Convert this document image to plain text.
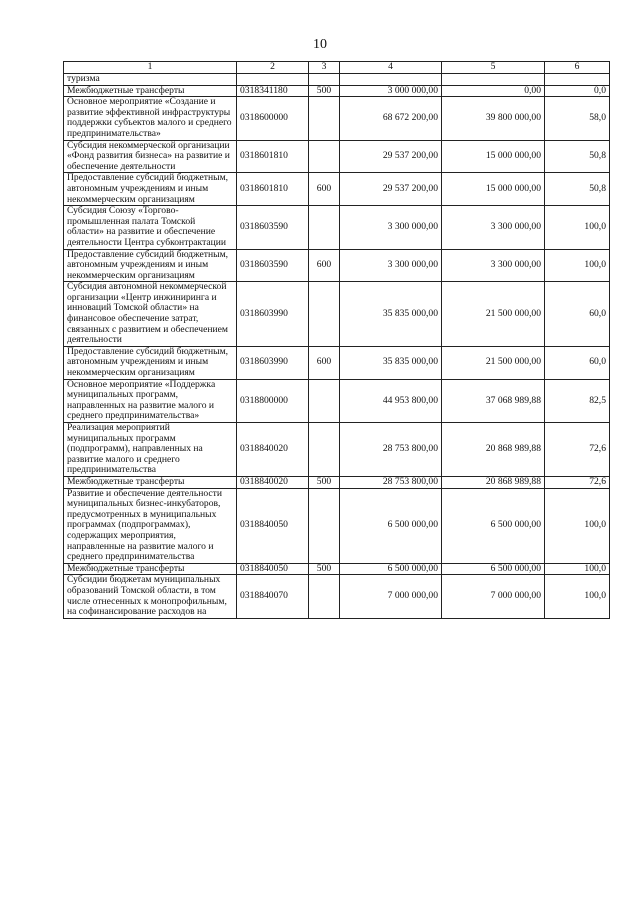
10
1	2	3	4	5	6
туризма					
Межбюджетные трансферты	0318341180	500	3 000 000,00	0,00	0,0
Основное мероприятие «Создание и развитие эффективной инфраструктуры поддержки субъектов малого и среднего предпринимательства»	0318600000		68 672 200,00	39 800 000,00	58,0
Субсидия некоммерческой организации «Фонд развития бизнеса» на развитие и обеспечение деятельности	0318601810		29 537 200,00	15 000 000,00	50,8
Предоставление субсидий бюджетным, автономным учреждениям и иным некоммерческим организациям	0318601810	600	29 537 200,00	15 000 000,00	50,8
Субсидия Союзу «Торгово-промышленная палата Томской области» на развитие и обеспечение деятельности Центра субконтрактации	0318603590		3 300 000,00	3 300 000,00	100,0
Предоставление субсидий бюджетным, автономным учреждениям и иным некоммерческим организациям	0318603590	600	3 300 000,00	3 300 000,00	100,0
Субсидия автономной некоммерческой организации «Центр инжиниринга и инноваций Томской области» на финансовое обеспечение затрат, связанных с развитием и обеспечением деятельности	0318603990		35 835 000,00	21 500 000,00	60,0
Предоставление субсидий бюджетным, автономным учреждениям и иным некоммерческим организациям	0318603990	600	35 835 000,00	21 500 000,00	60,0
Основное мероприятие «Поддержка муниципальных программ, направленных на развитие малого и среднего предпринимательства»	0318800000		44 953 800,00	37 068 989,88	82,5
Реализация мероприятий муниципальных программ (подпрограмм), направленных на развитие малого и среднего предпринимательства	0318840020		28 753 800,00	20 868 989,88	72,6
Межбюджетные трансферты	0318840020	500	28 753 800,00	20 868 989,88	72,6
Развитие и обеспечение деятельности муниципальных бизнес-инкубаторов, предусмотренных в муниципальных программах (подпрограммах), содержащих мероприятия, направленные на развитие малого и среднего предпринимательства	0318840050		6 500 000,00	6 500 000,00	100,0
Межбюджетные трансферты	0318840050	500	6 500 000,00	6 500 000,00	100,0
Субсидии бюджетам муниципальных образований Томской области, в том числе отнесенных к монопрофильным, на софинансирование расходов на	0318840070		7 000 000,00	7 000 000,00	100,0
